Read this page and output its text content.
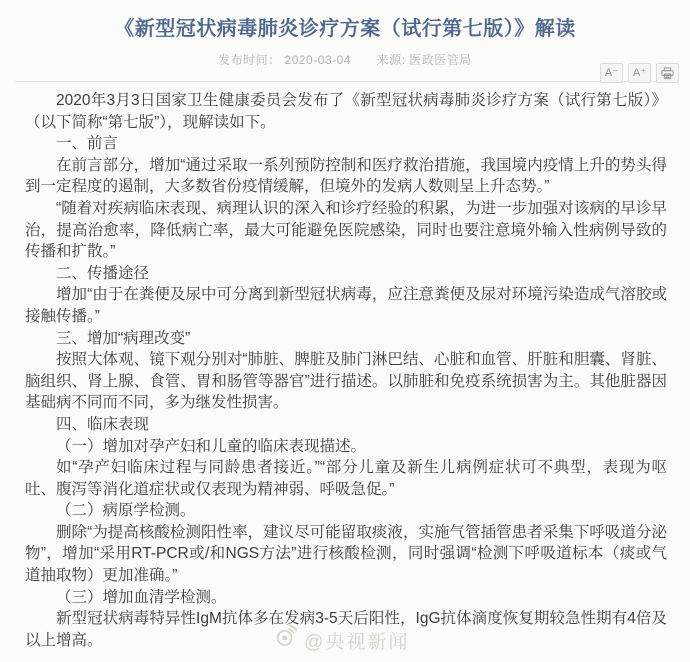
《新型冠状病毒肺炎诊疗方案（试行第七版）》解读
发布时间： 2020-03-04 来源: 医政医管局
A⁻	A⁺

2020年3月3日国家卫生健康委员会发布了《新型冠状病毒肺炎诊疗方案（试行第七版）》（以下简称“第七版”），现解读如下。

一、前言

在前言部分，增加“通过采取一系列预防控制和医疗救治措施，我国境内疫情上升的势头得到一定程度的遏制，大多数省份疫情缓解，但境外的发病人数则呈上升态势。”

“随着对疾病临床表现、病理认识的深入和诊疗经验的积累，为进一步加强对该病的早诊早治，提高治愈率，降低病亡率，最大可能避免医院感染，同时也要注意境外输入性病例导致的传播和扩散。”

二、传播途径

增加“由于在粪便及尿中可分离到新型冠状病毒，应注意粪便及尿对环境污染造成气溶胶或接触传播。”

三、增加“病理改变”

按照大体观、镜下观分别对“肺脏、脾脏及肺门淋巴结、心脏和血管、肝脏和胆囊、肾脏、脑组织、肾上腺、食管、胃和肠管等器官”进行描述。以肺脏和免疫系统损害为主。其他脏器因基础病不同而不同，多为继发性损害。

四、临床表现

（一）增加对孕产妇和儿童的临床表现描述。

如“孕产妇临床过程与同龄患者接近。”“部分儿童及新生儿病例症状可不典型，表现为呕吐、腹泻等消化道症状或仅表现为精神弱、呼吸急促。”

（二）病原学检测。

删除“为提高核酸检测阳性率，建议尽可能留取痰液，实施气管插管患者采集下呼吸道分泌物”，增加“采用RT-PCR或/和NGS方法”进行核酸检测，同时强调“检测下呼吸道标本（痰或气道抽取物）更加准确。”

（三）增加血清学检测。

新型冠状病毒特异性IgM抗体多在发病3-5天后阳性，IgG抗体滴度恢复期较急性期有4倍及以上增高。	@央视新闻
